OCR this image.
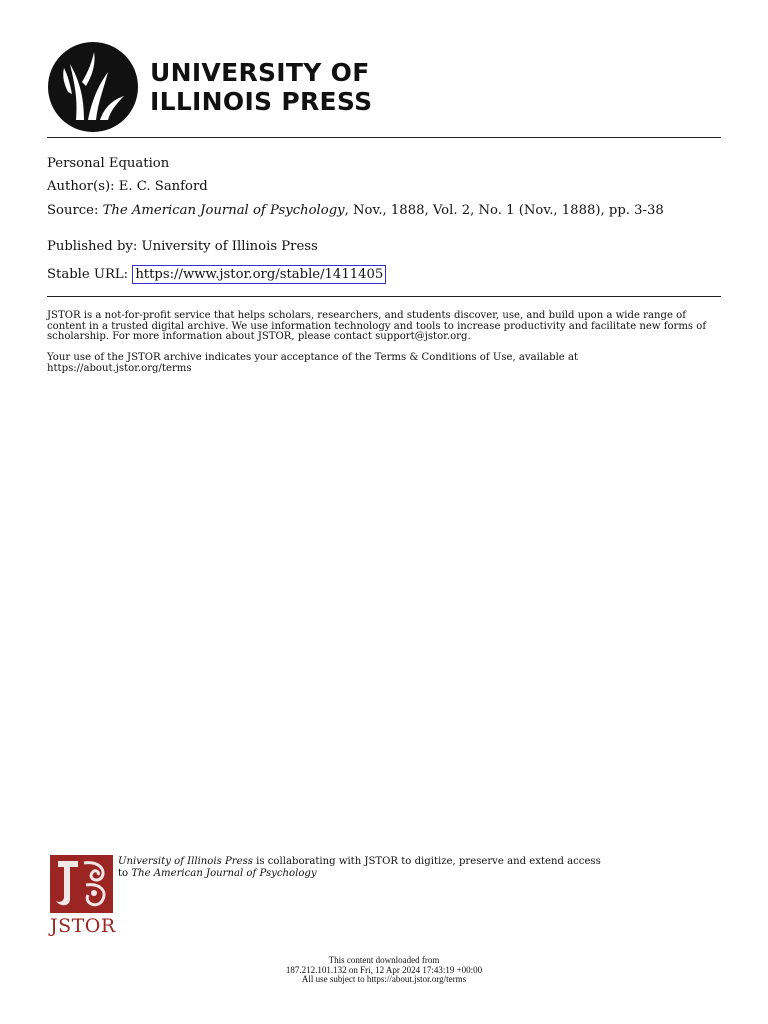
UNIVERSITY OF
ILLINOIS PRESS
Personal Equation
Author(s): E. C. Sanford
Source: The American Journal of Psychology, Nov., 1888, Vol. 2, No. 1 (Nov., 1888), pp. 3-38
Published by: University of Illinois Press
Stable URL: https://www.jstor.org/stable/1411405
JSTOR is a not-for-profit service that helps scholars, researchers, and students discover, use, and build upon a wide range of content in a trusted digital archive. We use information technology and tools to increase productivity and facilitate new forms of scholarship. For more information about JSTOR, please contact support@jstor.org.
Your use of the JSTOR archive indicates your acceptance of the Terms & Conditions of Use, available at
https://about.jstor.org/terms
JSTOR
University of Illinois Press is collaborating with JSTOR to digitize, preserve and extend access
to The American Journal of Psychology
This content downloaded from
187.212.101.132 on Fri, 12 Apr 2024 17:43:19 +00:00
All use subject to https://about.jstor.org/terms
